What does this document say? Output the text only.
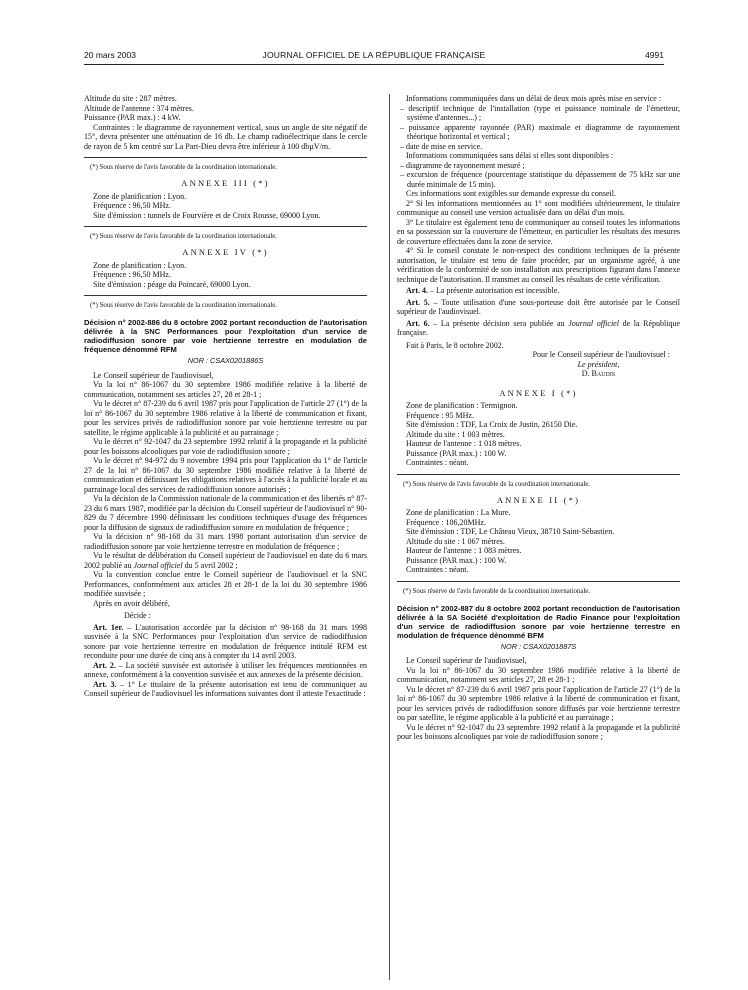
20 mars 2003	JOURNAL OFFICIEL DE LA RÉPUBLIQUE FRANÇAISE	4991

Altitude du site : 287 mètres.

Altitude de l'antenne : 374 mètres.

Puissance (PAR max.) : 4 kW.

Contraintes : le diagramme de rayonnement vertical, sous un angle de site négatif de 15°, devra présenter une atténuation de 16 db. Le champ radioélectrique dans le cercle de rayon de 5 km centré sur La Part-Dieu devra être inférieur à 100 dbµV/m.

(*) Sous réserve de l'avis favorable de la coordination internationale.

ANNEXE III (*)

Zone de planification : Lyon.

Fréquence : 96,50 MHz.

Site d'émission : tunnels de Fourvière et de Croix Rousse, 69000 Lyon.

(*) Sous réserve de l'avis favorable de la coordination internationale.

ANNEXE IV (*)

Zone de planification : Lyon.

Fréquence : 96,50 MHz.

Site d'émission : péage du Poincaré, 69000 Lyon.

(*) Sous réserve de l'avis favorable de la coordination internationale.

Décision n° 2002-886 du 8 octobre 2002 portant reconduction de l'autorisation délivrée à la SNC Performances pour l'exploitation d'un service de radiodiffusion sonore par voie hertzienne terrestre en modulation de fréquence dénommé RFM
NOR : CSAX0201886S

Le Conseil supérieur de l'audiovisuel,

Vu la loi n° 86-1067 du 30 septembre 1986 modifiée relative à la liberté de communication, notamment ses articles 27, 28 et 28-1 ;

Vu le décret n° 87-239 du 6 avril 1987 pris pour l'application de l'article 27 (1°) de la loi n° 86-1067 du 30 septembre 1986 relative à la liberté de communication et fixant, pour les services privés de radiodiffusion sonore par voie hertzienne terrestre ou par satellite, le régime applicable à la publicité et au parrainage ;

Vu le décret n° 92-1047 du 23 septembre 1992 relatif à la propagande et la publicité pour les boissons alcooliques par voie de radiodiffusion sonore ;

Vu le décret n° 94-972 du 9 novembre 1994 pris pour l'application du 1° de l'article 27 de la loi n° 86-1067 du 30 septembre 1986 modifiée relative à la liberté de communication et définissant les obligations relatives à l'accès à la publicité locale et au parrainage local des services de radiodiffusion sonore autorisés ;

Vu la décision de la Commission nationale de la communication et des libertés n° 87-23 du 6 mars 1987, modifiée par la décision du Conseil supérieur de l'audiovisuel n° 90-829 du 7 décembre 1990 définissant les conditions techniques d'usage des fréquences pour la diffusion de signaux de radiodiffusion sonore en modulation de fréquence ;

Vu la décision n° 98-168 du 31 mars 1998 portant autorisation d'un service de radiodiffusion sonore par voie hertzienne terrestre en modulation de fréquence ;

Vu le résultat de délibération du Conseil supérieur de l'audiovisuel en date du 6 mars 2002 publié au Journal officiel du 5 avril 2002 ;

Vu la convention conclue entre le Conseil supérieur de l'audiovisuel et la SNC Performances, conformément aux articles 28 et 28-1 de la loi du 30 septembre 1986 modifiée susvisée ;

Après en avoir délibéré,

Décide :

Art. 1er. – L'autorisation accordée par la décision n° 98-168 du 31 mars 1998 susvisée à la SNC Performances pour l'exploitation d'un service de radiodiffusion sonore par voie hertzienne terrestre en modulation de fréquence intitulé RFM est reconduite pour une durée de cinq ans à compter du 14 avril 2003.

Art. 2. – La société susvisée est autorisée à utiliser les fréquences mentionnées en annexe, conformément à la convention susvisée et aux annexes de la présente décision.

Art. 3. – 1° Le titulaire de la présente autorisation est tenu de communiquer au Conseil supérieur de l'audiovisuel les informations suivantes dont il atteste l'exactitude :

Informations communiquées dans un délai de deux mois après mise en service :

– descriptif technique de l'installation (type et puissance nominale de l'émetteur, système d'antennes...) ;

– puissance apparente rayonnée (PAR) maximale et diagramme de rayonnement théorique horizontal et vertical ;

– date de mise en service.

Informations communiquées sans délai si elles sont disponibles :

– diagramme de rayonnement mesuré ;

– excursion de fréquence (pourcentage statistique du dépassement de 75 kHz sur une durée minimale de 15 min).

Ces informations sont exigibles sur demande expresse du conseil.

2° Si les informations mentionnées au 1° sont modifiées ultérieurement, le titulaire communique au conseil une version actualisée dans un délai d'un mois.

3° Le titulaire est également tenu de communiquer au conseil toutes les informations en sa possession sur la couverture de l'émetteur, en particulier les résultats des mesures de couverture effectuées dans la zone de service.

4° Si le conseil constate le non-respect des conditions techniques de la présente autorisation, le titulaire est tenu de faire procéder, par un organisme agréé, à une vérification de la conformité de son installation aux prescriptions figurant dans l'annexe technique de l'autorisation. Il transmet au conseil les résultats de cette vérification.

Art. 4. – La présente autorisation est incessible.

Art. 5. – Toute utilisation d'une sous-porteuse doit être autorisée par le Conseil supérieur de l'audiovisuel.

Art. 6. – La présente décision sera publiée au Journal officiel de la République française.

Fait à Paris, le 8 octobre 2002.

Pour le Conseil supérieur de l'audiovisuel :

Le président,

D. Baudis

ANNEXE I (*)

Zone de planification : Termignon.

Fréquence : 95 MHz.

Site d'émission : TDF, La Croix de Justin, 26150 Die.

Altitude du site : 1 003 mètres.

Hauteur de l'antenne : 1 018 mètres.

Puissance (PAR max.) : 100 W.

Contraintes : néant.

(*) Sous réserve de l'avis favorable de la coordination internationale.

ANNEXE II (*)

Zone de planification : La Mure.

Fréquence : 106,20MHz.

Site d'émission : TDF, Le Château Vieux, 38710 Saint-Sébastien.

Altitude du site : 1 067 mètres.

Hauteur de l'antenne : 1 083 mètres.

Puissance (PAR max.) : 100 W.

Contraintes : néant.

(*) Sous réserve de l'avis favorable de la coordination internationale.

Décision n° 2002-887 du 8 octobre 2002 portant reconduction de l'autorisation délivrée à la SA Société d'exploitation de Radio Finance pour l'exploitation d'un service de radiodiffusion sonore par voie hertzienne terrestre en modulation de fréquence dénommé BFM
NOR : CSAX0201887S

Le Conseil supérieur de l'audiovisuel,

Vu la loi n° 86-1067 du 30 septembre 1986 modifiée relative à la liberté de communication, notamment ses articles 27, 28 et 28-1 ;

Vu le décret n° 87-239 du 6 avril 1987 pris pour l'application de l'article 27 (1°) de la loi n° 86-1067 du 30 septembre 1986 relative à la liberté de communication et fixant, pour les services privés de radiodiffusion sonore diffusés par voie hertzienne terrestre ou par satellite, le régime applicable à la publicité et au parrainage ;

Vu le décret n° 92-1047 du 23 septembre 1992 relatif à la propagande et la publicité pour les boissons alcooliques par voie de radiodiffusion sonore ;
